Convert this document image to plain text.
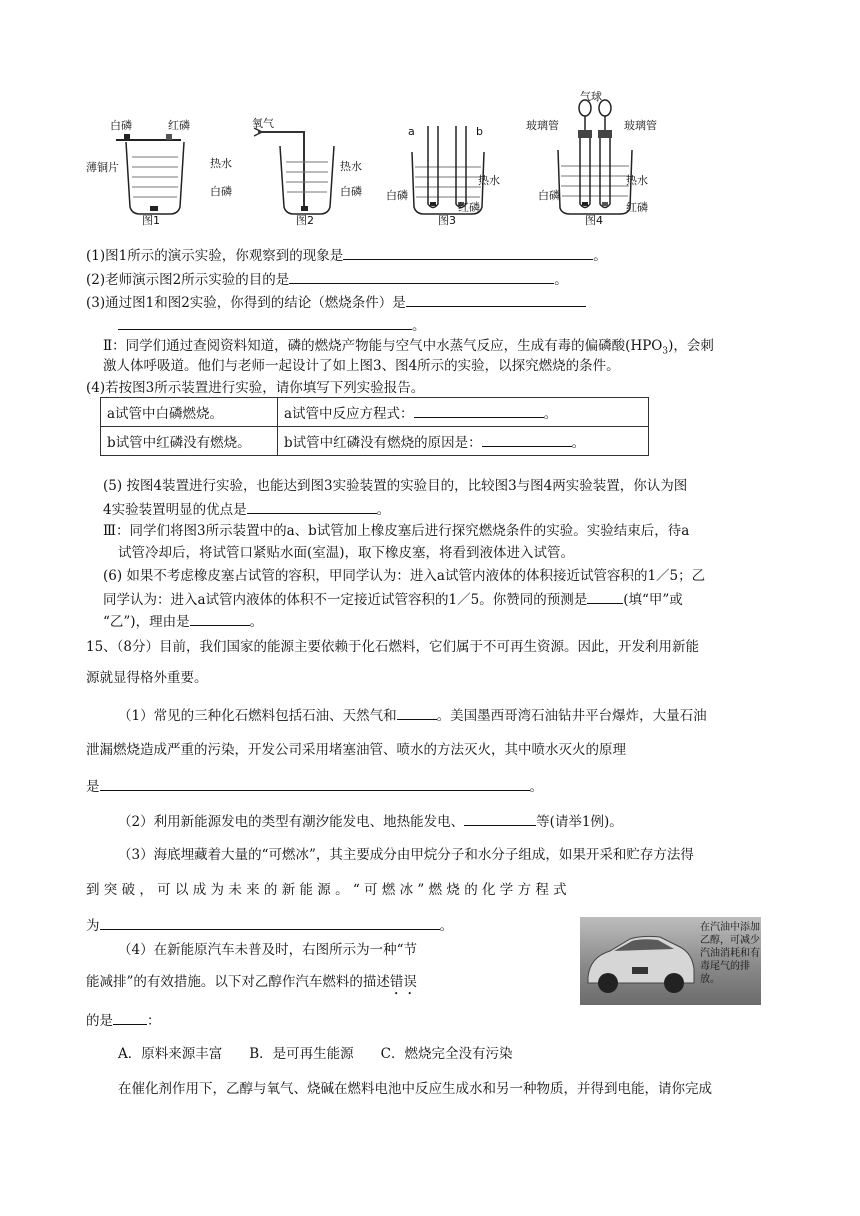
白磷	红磷
薄铜片	热水
白磷
图1
氧气
热水
白磷
图2
a	b
热水
白磷
红磷
图3
气球
玻璃管	玻璃管
热水
白磷
红磷
图4
(1)图1所示的演示实验，你观察到的现象是	。
(2)老师演示图2所示实验的目的是	。
(3)通过图1和图2实验，你得到的结论（燃烧条件）是
。
Ⅱ：同学们通过查阅资料知道，磷的燃烧产物能与空气中水蒸气反应，生成有毒的偏磷酸$(HPO_3)$，会刺
激人体呼吸道。他们与老师一起设计了如上图3、图4所示的实验，以探究燃烧的条件。
(4)若按图3所示装置进行实验，请你填写下列实验报告。
a试管中白磷燃烧。	a试管中反应方程式： 。
b试管中红磷没有燃烧。	b试管中红磷没有燃烧的原因是： 。
(5) 按图4装置进行实验，也能达到图3实验装置的实验目的，比较图3与图4两实验装置，你认为图
4实验装置明显的优点是	。
Ⅲ：同学们将图3所示装置中的a、b试管加上橡皮塞后进行探究燃烧条件的实验。实验结束后，待a
试管冷却后，将试管口紧贴水面(室温)，取下橡皮塞，将看到液体进入试管。
(6) 如果不考虑橡皮塞占试管的容积，甲同学认为：进入a试管内液体的体积接近试管容积的1／5；乙
同学认为：进入a试管内液体的体积不一定接近试管容积的1／5。你赞同的预测是	(填“甲”或
“乙”)，理由是	。
15、（8分）目前，我们国家的能源主要依赖于化石燃料，它们属于不可再生资源。因此，开发利用新能
源就显得格外重要。
（1）常见的三种化石燃料包括石油、天然气和	。美国墨西哥湾石油钻井平台爆炸，大量石油
泄漏燃烧造成严重的污染，开发公司采用堵塞油管、喷水的方法灭火，其中喷水灭火的原理
是	。
（2）利用新能源发电的类型有潮汐能发电、地热能发电、	等(请举1例)。
（3）海底埋藏着大量的“可燃冰”，其主要成分由甲烷分子和水分子组成，如果开采和贮存方法得
到 突 破 ， 可 以 成 为 未 来 的 新 能 源 。 “ 可 燃 冰 ” 燃 烧 的 化 学 方 程 式
为	。	在汽油中添加乙醇，可减少汽油消耗和有毒尾气的排放。
（4）在新能原汽车未普及时，右图所示为一种“节
能减排”的有效措施。以下对乙醇作汽车燃料的描述错误
的是	：
A．原料来源丰富　　B．是可再生能源　　C．燃烧完全没有污染
在催化剂作用下，乙醇与氧气、烧碱在燃料电池中反应生成水和另一种物质，并得到电能，请你完成
